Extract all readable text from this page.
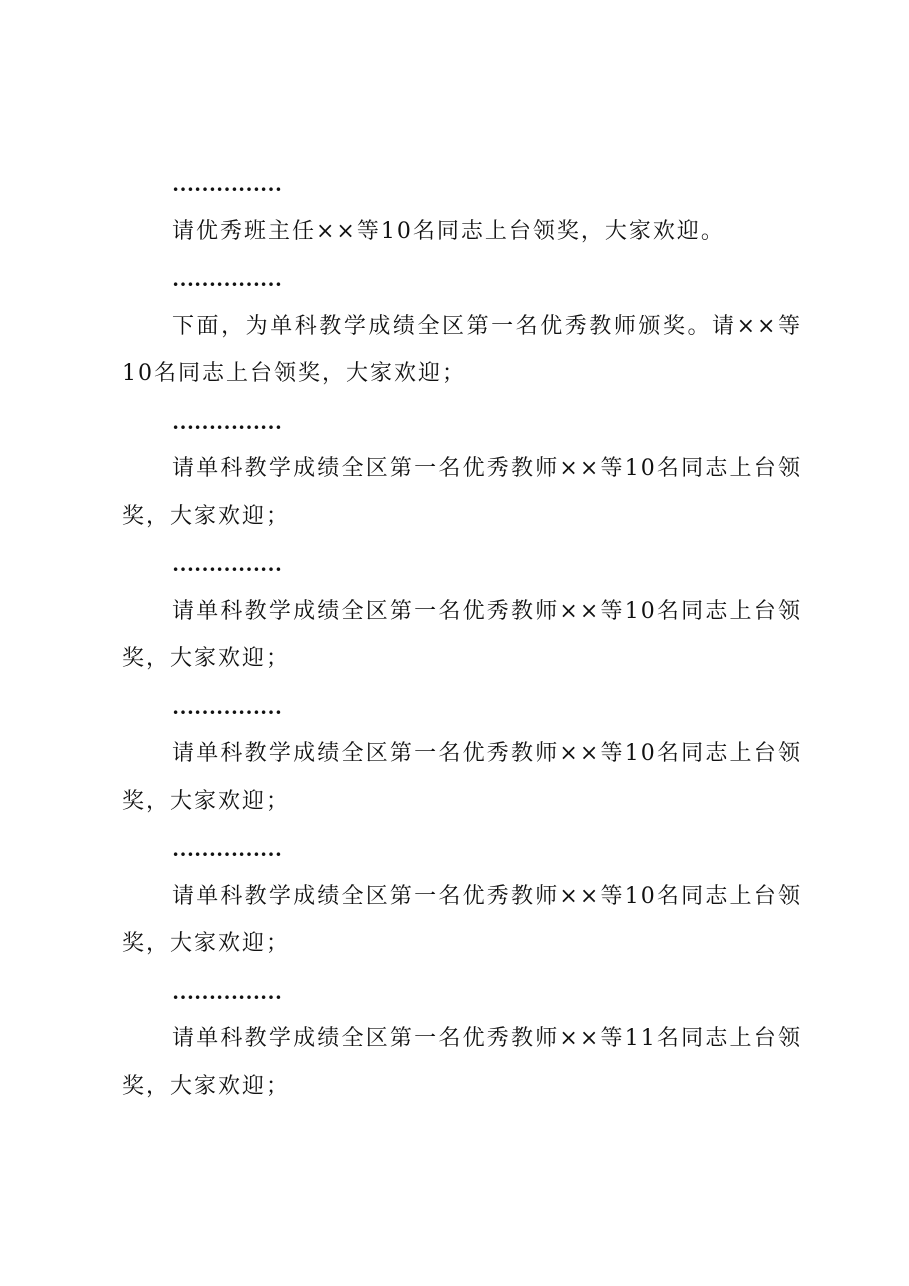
……………

请优秀班主任××等10名同志上台领奖，大家欢迎。

……………

下面，为单科教学成绩全区第一名优秀教师颁奖。请××等10名同志上台领奖，大家欢迎；

……………

请单科教学成绩全区第一名优秀教师××等10名同志上台领奖，大家欢迎；

……………

请单科教学成绩全区第一名优秀教师××等10名同志上台领奖，大家欢迎；

……………

请单科教学成绩全区第一名优秀教师××等10名同志上台领奖，大家欢迎；

……………

请单科教学成绩全区第一名优秀教师××等10名同志上台领奖，大家欢迎；

……………

请单科教学成绩全区第一名优秀教师××等11名同志上台领奖，大家欢迎；
